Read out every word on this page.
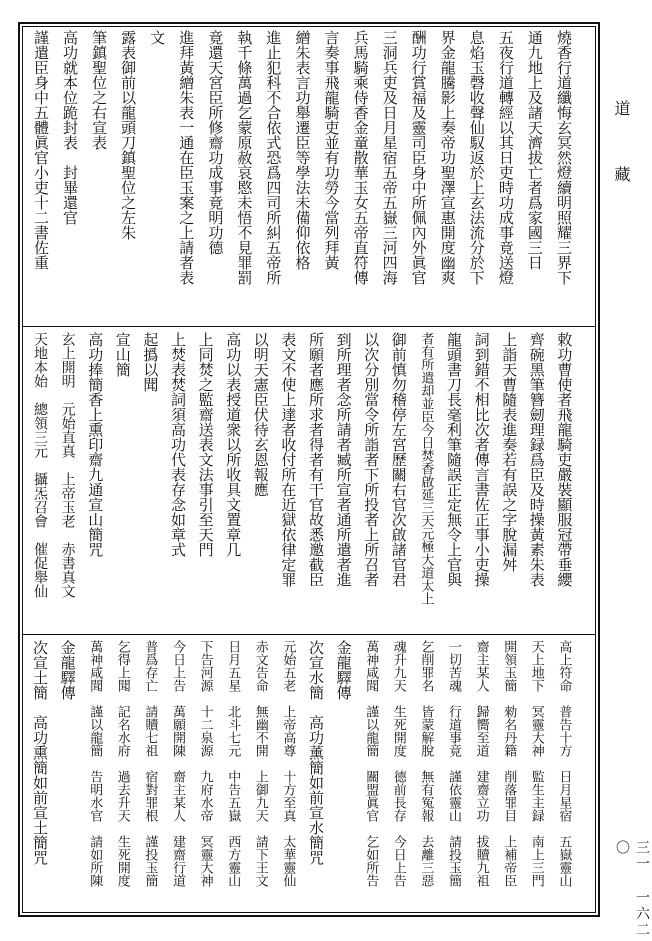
道　　藏
三一 一六二〇
燒香行道纖悔玄冥然燈續明照耀三界下
通九地上及諸天濟拔亡者爲家國三日
五夜行道轉經以其日吏時功成事竟送燈
息焰玉磬收聲仙馭返於上玄法流分於下
界金龍騰影上奏帝功聖澤宣惠開度幽爽
酬功行賞福及靈司臣身中所佩內外眞官
三洞兵吏及日月星宿五帝五嶽三河四海
兵馬騎乘侍香金童散華玉女五帝直符傳
言奏事飛龍騎吏並有功勞今當列拜黃
繒朱表言功舉遷臣等學法未備仰依格
進止犯科不合依式恐爲四司所糾五帝所
執千條萬過乞蒙原赦哀愍未悟不見罪罰
竟還天宮臣所修齋功成事竟明功德
進拜黃繒朱表一通在臣玉案之上請者表
文
露表御前以龍頭刀鎮聖位之左朱
筆鎮聖位之右宣表
高功就本位跪封表　封畢還官
謹遣臣身中五體眞官小吏十二書佐重
敕功曹使者飛龍騎吏嚴裝顯服冠帶垂纓
齊碗黑筆簪劒理録爲臣及時操黃素朱表
上詣天曹隨表進奏若有誤之字脫漏舛
詞到錯不相比次者傳言書佐正事小吏操
龍頭書刀長毫利筆隨誤正定無令上官與
者有所遣却並臣今日焚香啟延三天元極大道太上
御前慎勿稽停左宮歷關右官次啟諸官君
以次分別當令所詣者下所投者上所召者
到所理者念所請者臧所宣者通所遣者進
所願者應所求者得者有干官故悉邀截臣
表文不使上達者收付所在近獄依律定罪
以明天憲臣伏待玄恩報應
高功以表授道衆以所收具文置章几
上同焚之監齋送表文法事引至天門
上焚表焚詞須高功代表存念如章式
起撝以聞
宣山簡
高功捧簡香上熏印齋九通宣山簡咒
玄上開明　元始直真　上帝玉老　赤書真文
天地本始　總領三元　攝炁召會　催促舉仙
高上符命　普告十方　日月星宿　五嶽靈山
天上地下　冥靈大神　監生主録　南上三門
開領玉簡　勑名丹籍　削落罪目　上補帝臣
齋主某人　歸嚮至道　建齋立功　拔贖九祖
一切苦魂　行道事竟　謹依靈山　請投玉簡
乞削罪名　皆蒙解脫　無有冤報　去離三惡
魂升九天　生死開度　德前長存　今日上告
萬神咸聞　謹以龍簡　關盟眞官　乞如所告
金龍驛傳
次宣水簡　高功薰簡如前宣水簡咒
元始五老　上帝高尊　十方至真　太華靈仙
赤文告命　無幽不開　上御九天　請下王文
日月五星　北斗七元　中告五嶽　西方靈山
下告河源　十二泉源　九府水帝　冥靈大神
今日上告　萬願開陳　齋主某人　建齋行道
普爲存亡　請贖七祖　宿對罪根　謹投玉簡
乞得上聞　記名水府　過去升天　生死開度
萬神咸聞　謹以龍簡　告明水官　請如所陳
金龍驛傳
次宣土簡　高功熏簡如前宣土簡咒
